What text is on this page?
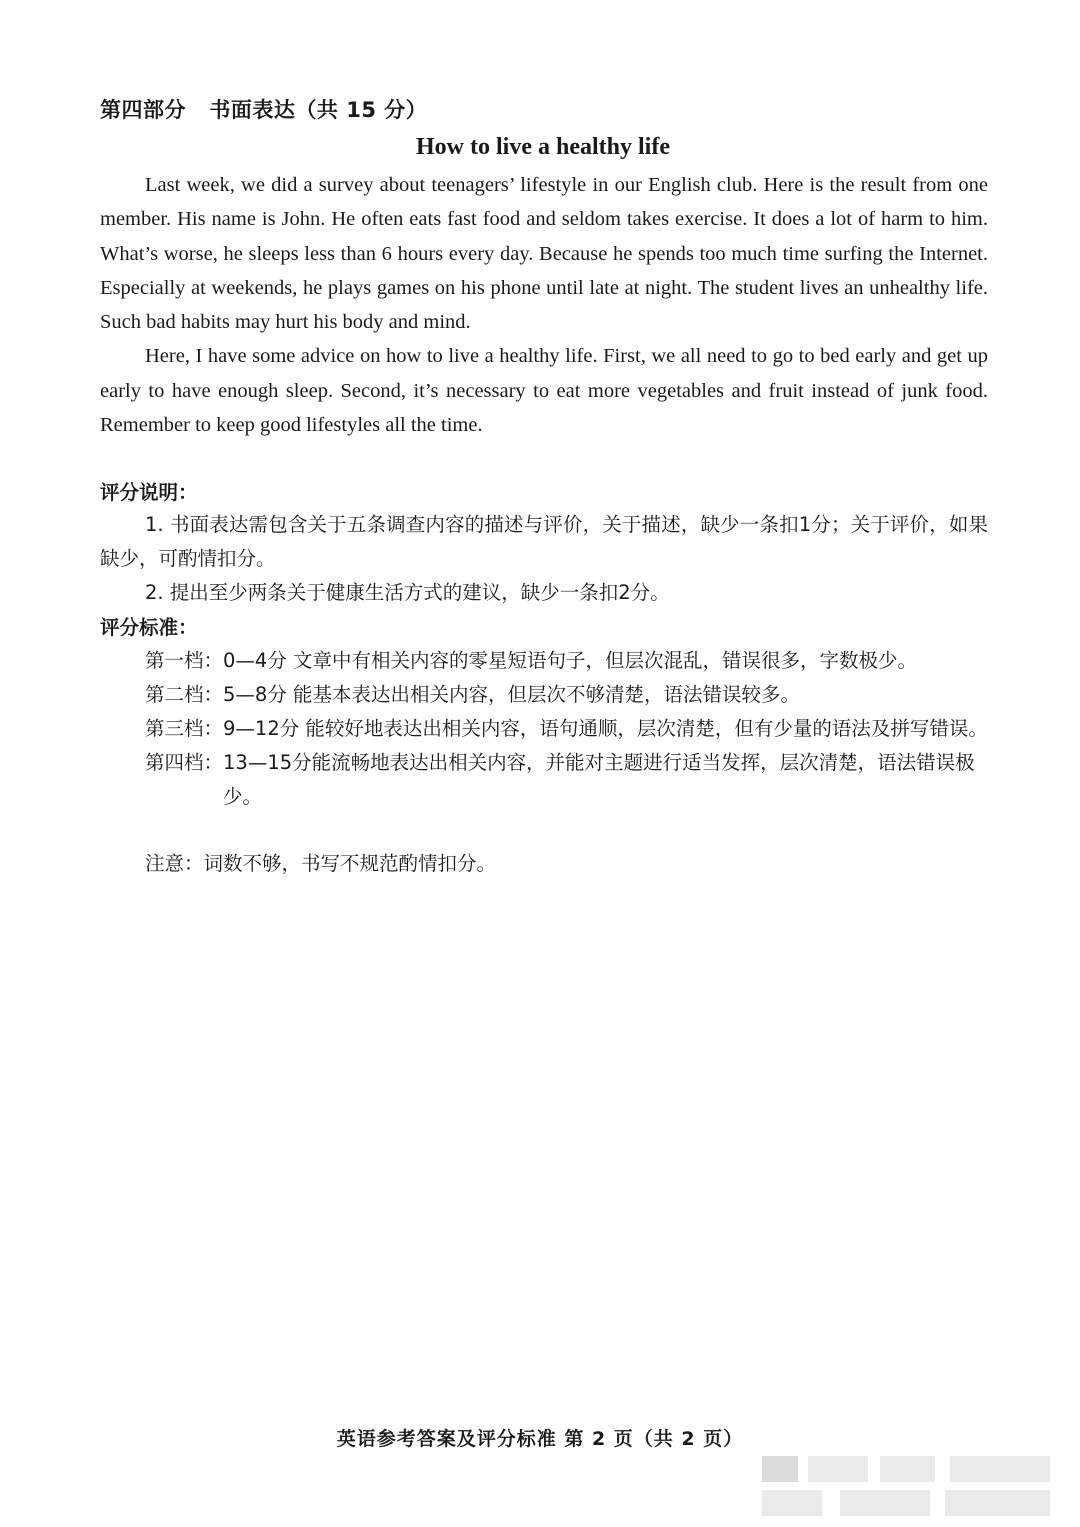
第四部分   书面表达（共 15 分）
How to live a healthy life

Last week, we did a survey about teenagers’ lifestyle in our English club. Here is the result from one member. His name is John. He often eats fast food and seldom takes exercise. It does a lot of harm to him. What’s worse, he sleeps less than 6 hours every day. Because he spends too much time surfing the Internet. Especially at weekends, he plays games on his phone until late at night. The student lives an unhealthy life. Such bad habits may hurt his body and mind.

Here, I have some advice on how to live a healthy life. First, we all need to go to bed early and get up early to have enough sleep. Second, it’s necessary to eat more vegetables and fruit instead of junk food. Remember to keep good lifestyles all the time.

评分说明：

1. 书面表达需包含关于五条调查内容的描述与评价，关于描述，缺少一条扣1分；关于评价，如果缺少，可酌情扣分。

2. 提出至少两条关于健康生活方式的建议，缺少一条扣2分。

评分标准：
第一档： 0—4分 文章中有相关内容的零星短语句子，但层次混乱，错误很多，字数极少。
第二档： 5—8分 能基本表达出相关内容，但层次不够清楚，语法错误较多。
第三档： 9—12分 能较好地表达出相关内容，语句通顺，层次清楚，但有少量的语法及拼写错误。
第四档： 13—15分能流畅地表达出相关内容，并能对主题进行适当发挥，层次清楚，语法错误极少。
注意：词数不够，书写不规范酌情扣分。
英语参考答案及评分标准 第 2 页（共 2 页）
